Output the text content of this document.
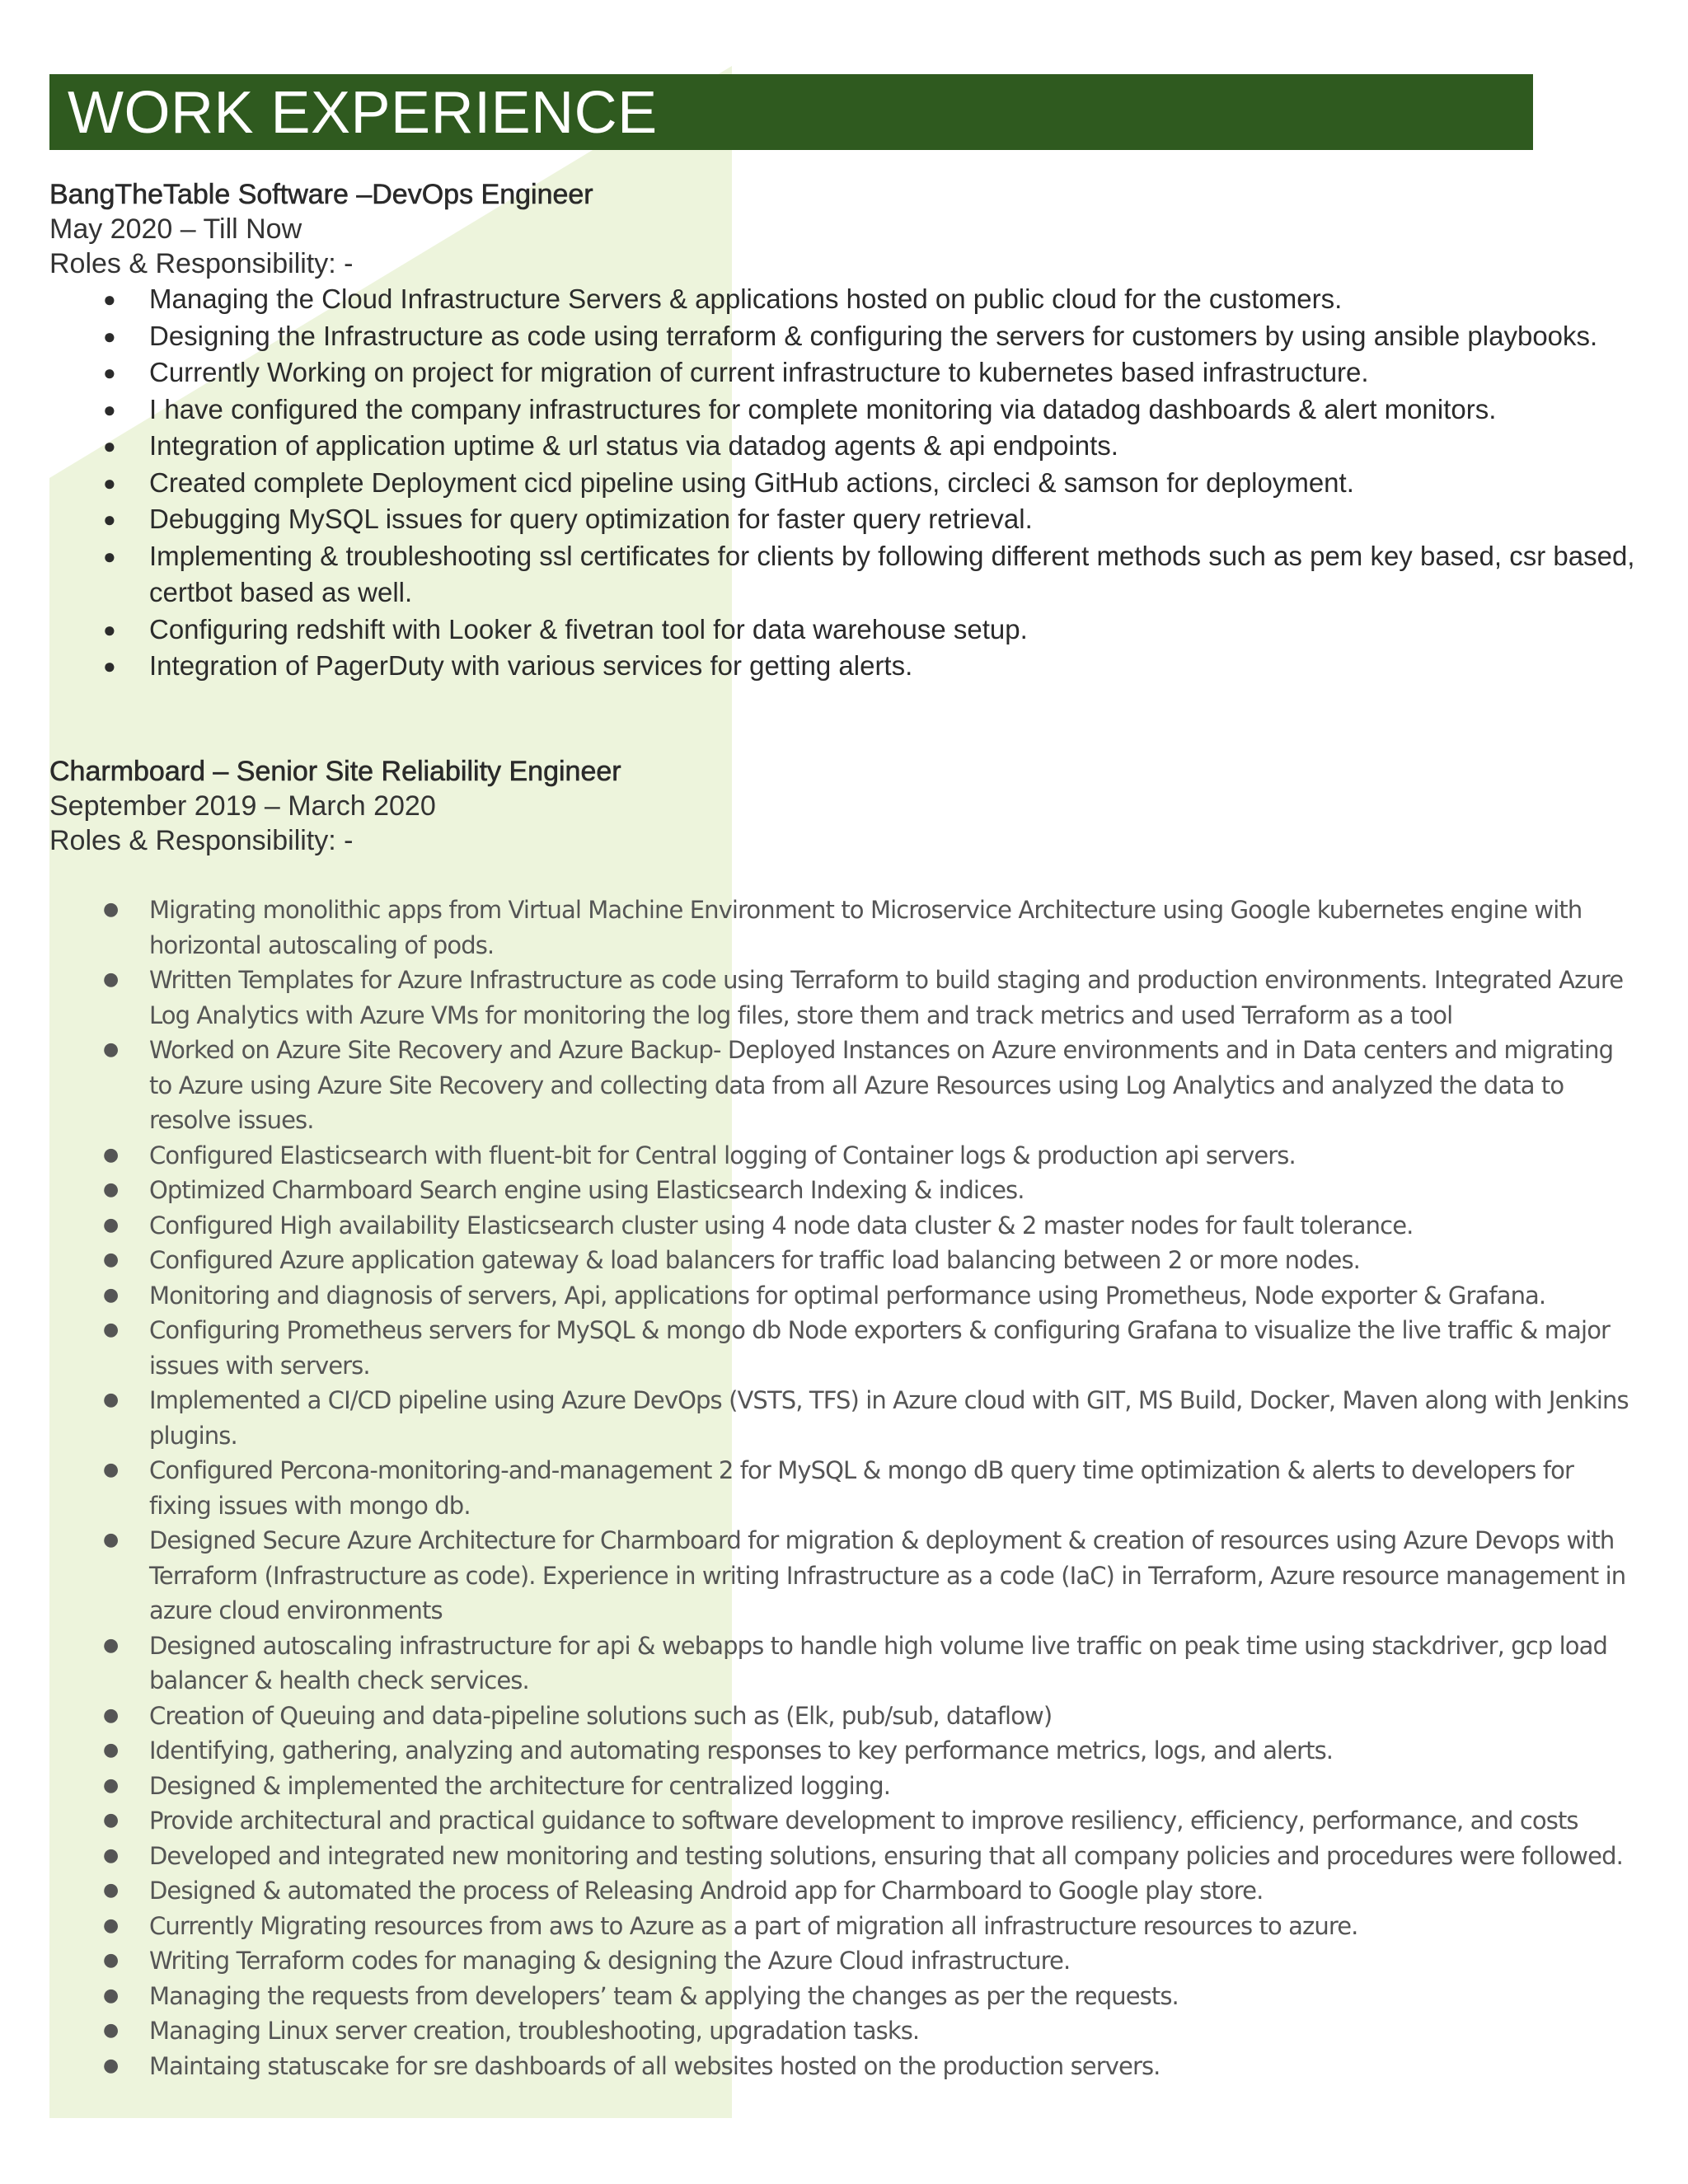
WORK EXPERIENCE
BangTheTable Software –DevOps Engineer
May 2020 – Till Now
Roles & Responsibility: -
● Managing the Cloud Infrastructure Servers & applications hosted on public cloud for the customers.
● Designing the Infrastructure as code using terraform & configuring the servers for customers by using ansible playbooks.
● Currently Working on project for migration of current infrastructure to kubernetes based infrastructure.
● I have configured the company infrastructures for complete monitoring via datadog dashboards & alert monitors.
● Integration of application uptime & url status via datadog agents & api endpoints.
● Created complete Deployment cicd pipeline using GitHub actions, circleci & samson for deployment.
● Debugging MySQL issues for query optimization for faster query retrieval.
● Implementing & troubleshooting ssl certificates for clients by following different methods such as pem key based, csr based, certbot based as well.
● Configuring redshift with Looker & fivetran tool for data warehouse setup.
● Integration of PagerDuty with various services for getting alerts.
Charmboard – Senior Site Reliability Engineer
September 2019 – March 2020
Roles & Responsibility: -
● Migrating monolithic apps from Virtual Machine Environment to Microservice Architecture using Google kubernetes engine with horizontal autoscaling of pods.
● Written Templates for Azure Infrastructure as code using Terraform to build staging and production environments. Integrated Azure Log Analytics with Azure VMs for monitoring the log files, store them and track metrics and used Terraform as a tool
● Worked on Azure Site Recovery and Azure Backup- Deployed Instances on Azure environments and in Data centers and migrating to Azure using Azure Site Recovery and collecting data from all Azure Resources using Log Analytics and analyzed the data to resolve issues.
● Configured Elasticsearch with fluent-bit for Central logging of Container logs & production api servers.
● Optimized Charmboard Search engine using Elasticsearch Indexing & indices.
● Configured High availability Elasticsearch cluster using 4 node data cluster & 2 master nodes for fault tolerance.
● Configured Azure application gateway & load balancers for traffic load balancing between 2 or more nodes.
● Monitoring and diagnosis of servers, Api, applications for optimal performance using Prometheus, Node exporter & Grafana.
● Configuring Prometheus servers for MySQL & mongo db Node exporters & configuring Grafana to visualize the live traffic & major issues with servers.
● Implemented a CI/CD pipeline using Azure DevOps (VSTS, TFS) in Azure cloud with GIT, MS Build, Docker, Maven along with Jenkins plugins.
● Configured Percona-monitoring-and-management 2 for MySQL & mongo dB query time optimization & alerts to developers for fixing issues with mongo db.
● Designed Secure Azure Architecture for Charmboard for migration & deployment & creation of resources using Azure Devops with Terraform (Infrastructure as code). Experience in writing Infrastructure as a code (IaC) in Terraform, Azure resource management in azure cloud environments
● Designed autoscaling infrastructure for api & webapps to handle high volume live traffic on peak time using stackdriver, gcp load balancer & health check services.
● Creation of Queuing and data-pipeline solutions such as (Elk, pub/sub, dataflow)
● Identifying, gathering, analyzing and automating responses to key performance metrics, logs, and alerts.
● Designed & implemented the architecture for centralized logging.
● Provide architectural and practical guidance to software development to improve resiliency, efficiency, performance, and costs
● Developed and integrated new monitoring and testing solutions, ensuring that all company policies and procedures were followed.
● Designed & automated the process of Releasing Android app for Charmboard to Google play store.
● Currently Migrating resources from aws to Azure as a part of migration all infrastructure resources to azure.
● Writing Terraform codes for managing & designing the Azure Cloud infrastructure.
● Managing the requests from developers’ team & applying the changes as per the requests.
● Managing Linux server creation, troubleshooting, upgradation tasks.
● Maintaing statuscake for sre dashboards of all websites hosted on the production servers.
